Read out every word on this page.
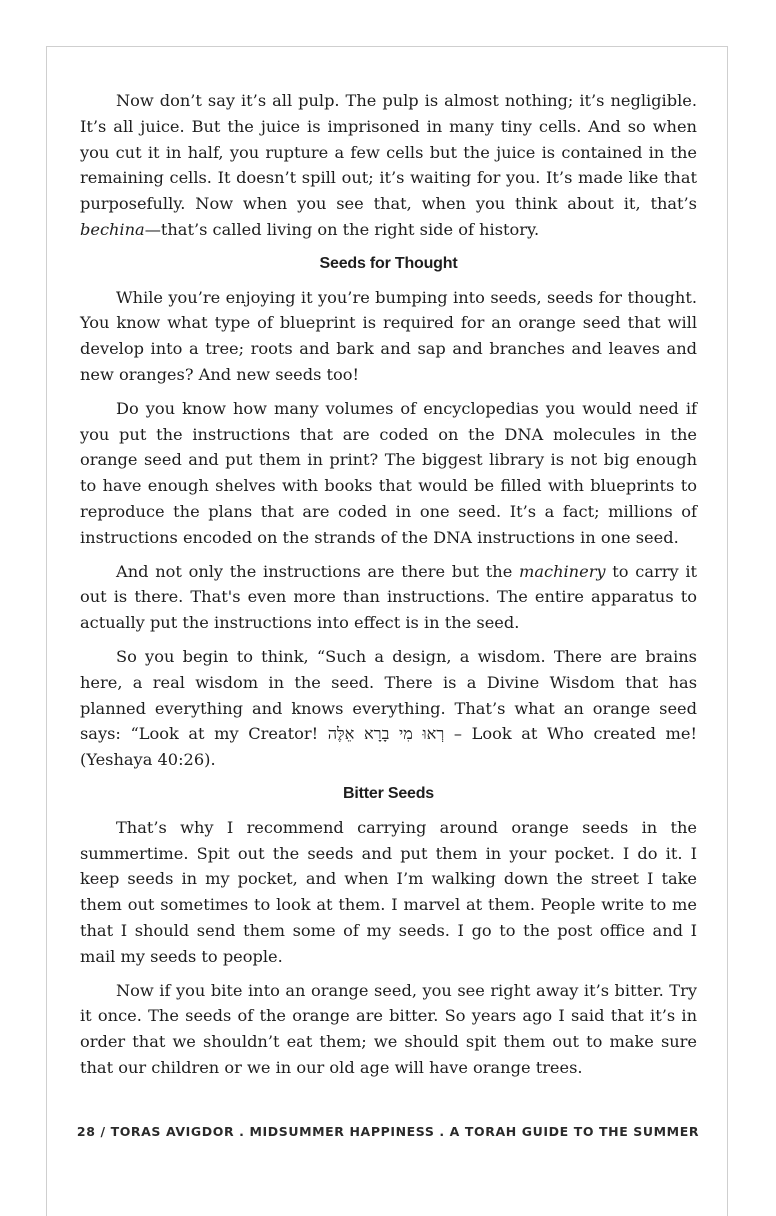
Now don’t say it’s all pulp. The pulp is almost nothing; it’s negligible. It’s all juice. But the juice is imprisoned in many tiny cells. And so when you cut it in half, you rupture a few cells but the juice is contained in the remaining cells. It doesn’t spill out; it’s waiting for you. It’s made like that purposefully. Now when you see that, when you think about it, that’s bechina—that’s called living on the right side of history.

Seeds for Thought

While you’re enjoying it you’re bumping into seeds, seeds for thought. You know what type of blueprint is required for an orange seed that will develop into a tree; roots and bark and sap and branches and leaves and new oranges? And new seeds too!

Do you know how many volumes of encyclopedias you would need if you put the instructions that are coded on the DNA molecules in the orange seed and put them in print? The biggest library is not big enough to have enough shelves with books that would be filled with blueprints to reproduce the plans that are coded in one seed. It’s a fact; millions of instructions encoded on the strands of the DNA instructions in one seed.

And not only the instructions are there but the machinery to carry it out is there. That's even more than instructions. The entire apparatus to actually put the instructions into effect is in the seed.

So you begin to think, “Such a design, a wisdom. There are brains here, a real wisdom in the seed. There is a Divine Wisdom that has planned everything and knows everything. That’s what an orange seed says: “Look at my Creator! רְאוּ מִי בָרָא אֵלֶּה – Look at Who created me! (Yeshaya 40:26).

Bitter Seeds

That’s why I recommend carrying around orange seeds in the summertime. Spit out the seeds and put them in your pocket. I do it. I keep seeds in my pocket, and when I’m walking down the street I take them out sometimes to look at them. I marvel at them. People write to me that I should send them some of my seeds. I go to the post office and I mail my seeds to people.

Now if you bite into an orange seed, you see right away it’s bitter. Try it once. The seeds of the orange are bitter. So years ago I said that it’s in order that we shouldn’t eat them; we should spit them out to make sure that our children or we in our old age will have orange trees.

28 / TORAS AVIGDOR . MIDSUMMER HAPPINESS . A TORAH GUIDE TO THE SUMMER
